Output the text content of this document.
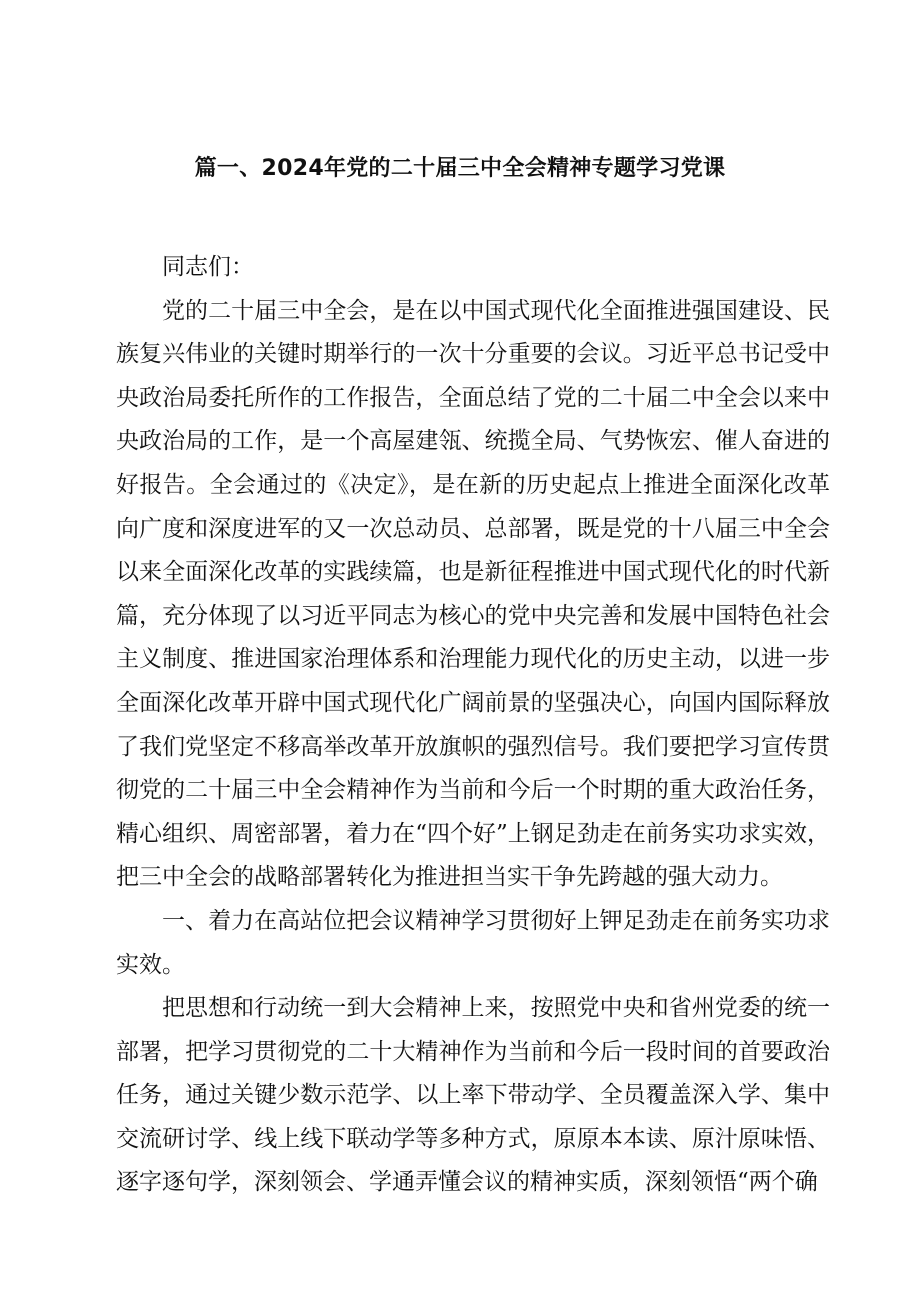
篇一、2024年党的二十届三中全会精神专题学习党课

同志们：

党的二十届三中全会，是在以中国式现代化全面推进强国建设、民族复兴伟业的关键时期举行的一次十分重要的会议。习近平总书记受中央政治局委托所作的工作报告，全面总结了党的二十届二中全会以来中央政治局的工作，是一个高屋建瓴、统揽全局、气势恢宏、催人奋进的好报告。全会通过的《决定》，是在新的历史起点上推进全面深化改革向广度和深度进军的又一次总动员、总部署，既是党的十八届三中全会以来全面深化改革的实践续篇，也是新征程推进中国式现代化的时代新篇，充分体现了以习近平同志为核心的党中央完善和发展中国特色社会主义制度、推进国家治理体系和治理能力现代化的历史主动，以进一步全面深化改革开辟中国式现代化广阔前景的坚强决心，向国内国际释放了我们党坚定不移高举改革开放旗帜的强烈信号。我们要把学习宣传贯彻党的二十届三中全会精神作为当前和今后一个时期的重大政治任务，精心组织、周密部署，着力在“四个好”上钢足劲走在前务实功求实效，把三中全会的战略部署转化为推进担当实干争先跨越的强大动力。

一、着力在高站位把会议精神学习贯彻好上钾足劲走在前务实功求实效。

把思想和行动统一到大会精神上来，按照党中央和省州党委的统一部署，把学习贯彻党的二十大精神作为当前和今后一段时间的首要政治任务，通过关键少数示范学、以上率下带动学、全员覆盖深入学、集中交流研讨学、线上线下联动学等多种方式，原原本本读、原汁原味悟、逐字逐句学，深刻领会、学通弄懂会议的精神实质，深刻领悟“两个确
